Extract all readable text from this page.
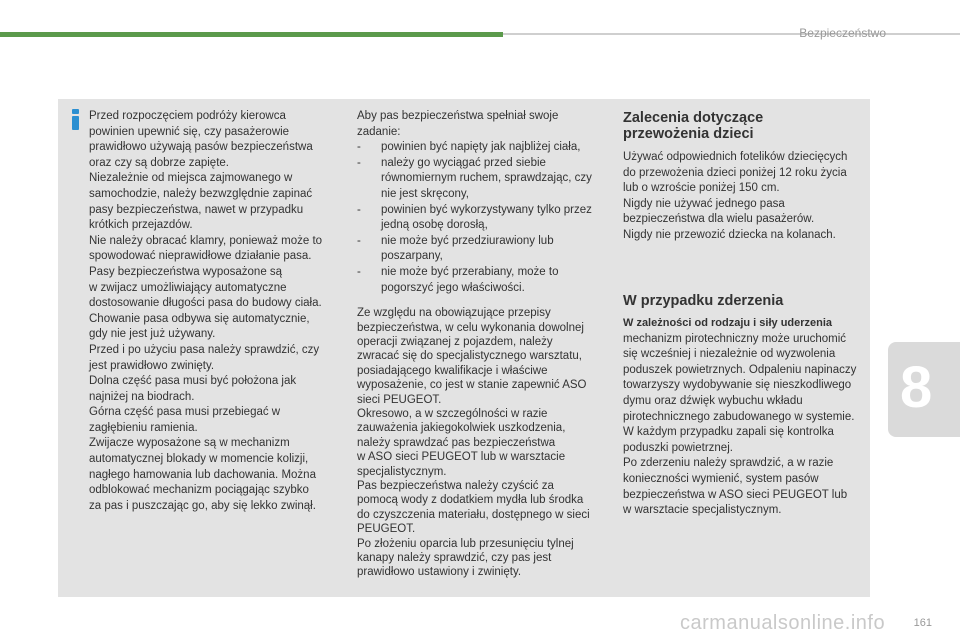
Bezpieczeństwo

Przed rozpoczęciem podróży kierowca

powinien upewnić się, czy pasażerowie

prawidłowo używają pasów bezpieczeństwa

oraz czy są dobrze zapięte.

Niezależnie od miejsca zajmowanego w

samochodzie, należy bezwzględnie zapinać

pasy bezpieczeństwa, nawet w przypadku

krótkich przejazdów.

Nie należy obracać klamry, ponieważ może to

spowodować nieprawidłowe działanie pasa.

Pasy bezpieczeństwa wyposażone są

w zwijacz umożliwiający automatyczne

dostosowanie długości pasa do budowy ciała.

Chowanie pasa odbywa się automatycznie,

gdy nie jest już używany.

Przed i po użyciu pasa należy sprawdzić, czy

jest prawidłowo zwinięty.

Dolna część pasa musi być położona jak

najniżej na biodrach.

Górna część pasa musi przebiegać w

zagłębieniu ramienia.

Zwijacze wyposażone są w mechanizm

automatycznej blokady w momencie kolizji,

nagłego hamowania lub dachowania. Można

odblokować mechanizm pociągając szybko

za pas i puszczając go, aby się lekko zwinął.

Aby pas bezpieczeństwa spełniał swoje

zadanie:

- powinien być napięty jak najbliżej ciała,

- należy go wyciągać przed siebie

równomiernym ruchem, sprawdzając, czy

nie jest skręcony,

- powinien być wykorzystywany tylko przez

jedną osobę dorosłą,

- nie może być przedziurawiony lub

poszarpany,

- nie może być przerabiany, może to

pogorszyć jego właściwości.

Ze względu na obowiązujące przepisy

bezpieczeństwa, w celu wykonania dowolnej

operacji związanej z pojazdem, należy

zwracać się do specjalistycznego warsztatu,

posiadającego kwalifikacje i właściwe

wyposażenie, co jest w stanie zapewnić ASO

sieci PEUGEOT.

Okresowo, a w szczególności w razie

zauważenia jakiegokolwiek uszkodzenia,

należy sprawdzać pas bezpieczeństwa

w ASO sieci PEUGEOT lub w warsztacie

specjalistycznym.

Pas bezpieczeństwa należy czyścić za

pomocą wody z dodatkiem mydła lub środka

do czyszczenia materiału, dostępnego w sieci

PEUGEOT.

Po złożeniu oparcia lub przesunięciu tylnej

kanapy należy sprawdzić, czy pas jest

prawidłowo ustawiony i zwinięty.

Zalecenia dotyczące

przewożenia dzieci

Używać odpowiednich fotelików dziecięcych

do przewożenia dzieci poniżej 12 roku życia

lub o wzroście poniżej 150 cm.

Nigdy nie używać jednego pasa

bezpieczeństwa dla wielu pasażerów.

Nigdy nie przewozić dziecka na kolanach.

W przypadku zderzenia

W zależności od rodzaju i siły uderzenia

mechanizm pirotechniczny może uruchomić

się wcześniej i niezależnie od wyzwolenia

poduszek powietrznych. Odpaleniu napinaczy

towarzyszy wydobywanie się nieszkodliwego

dymu oraz dźwięk wybuchu wkładu

pirotechnicznego zabudowanego w systemie.

W każdym przypadku zapali się kontrolka

poduszki powietrznej.

Po zderzeniu należy sprawdzić, a w razie

konieczności wymienić, system pasów

bezpieczeństwa w ASO sieci PEUGEOT lub

w warsztacie specjalistycznym.

8
carmanualsonline.info	161
